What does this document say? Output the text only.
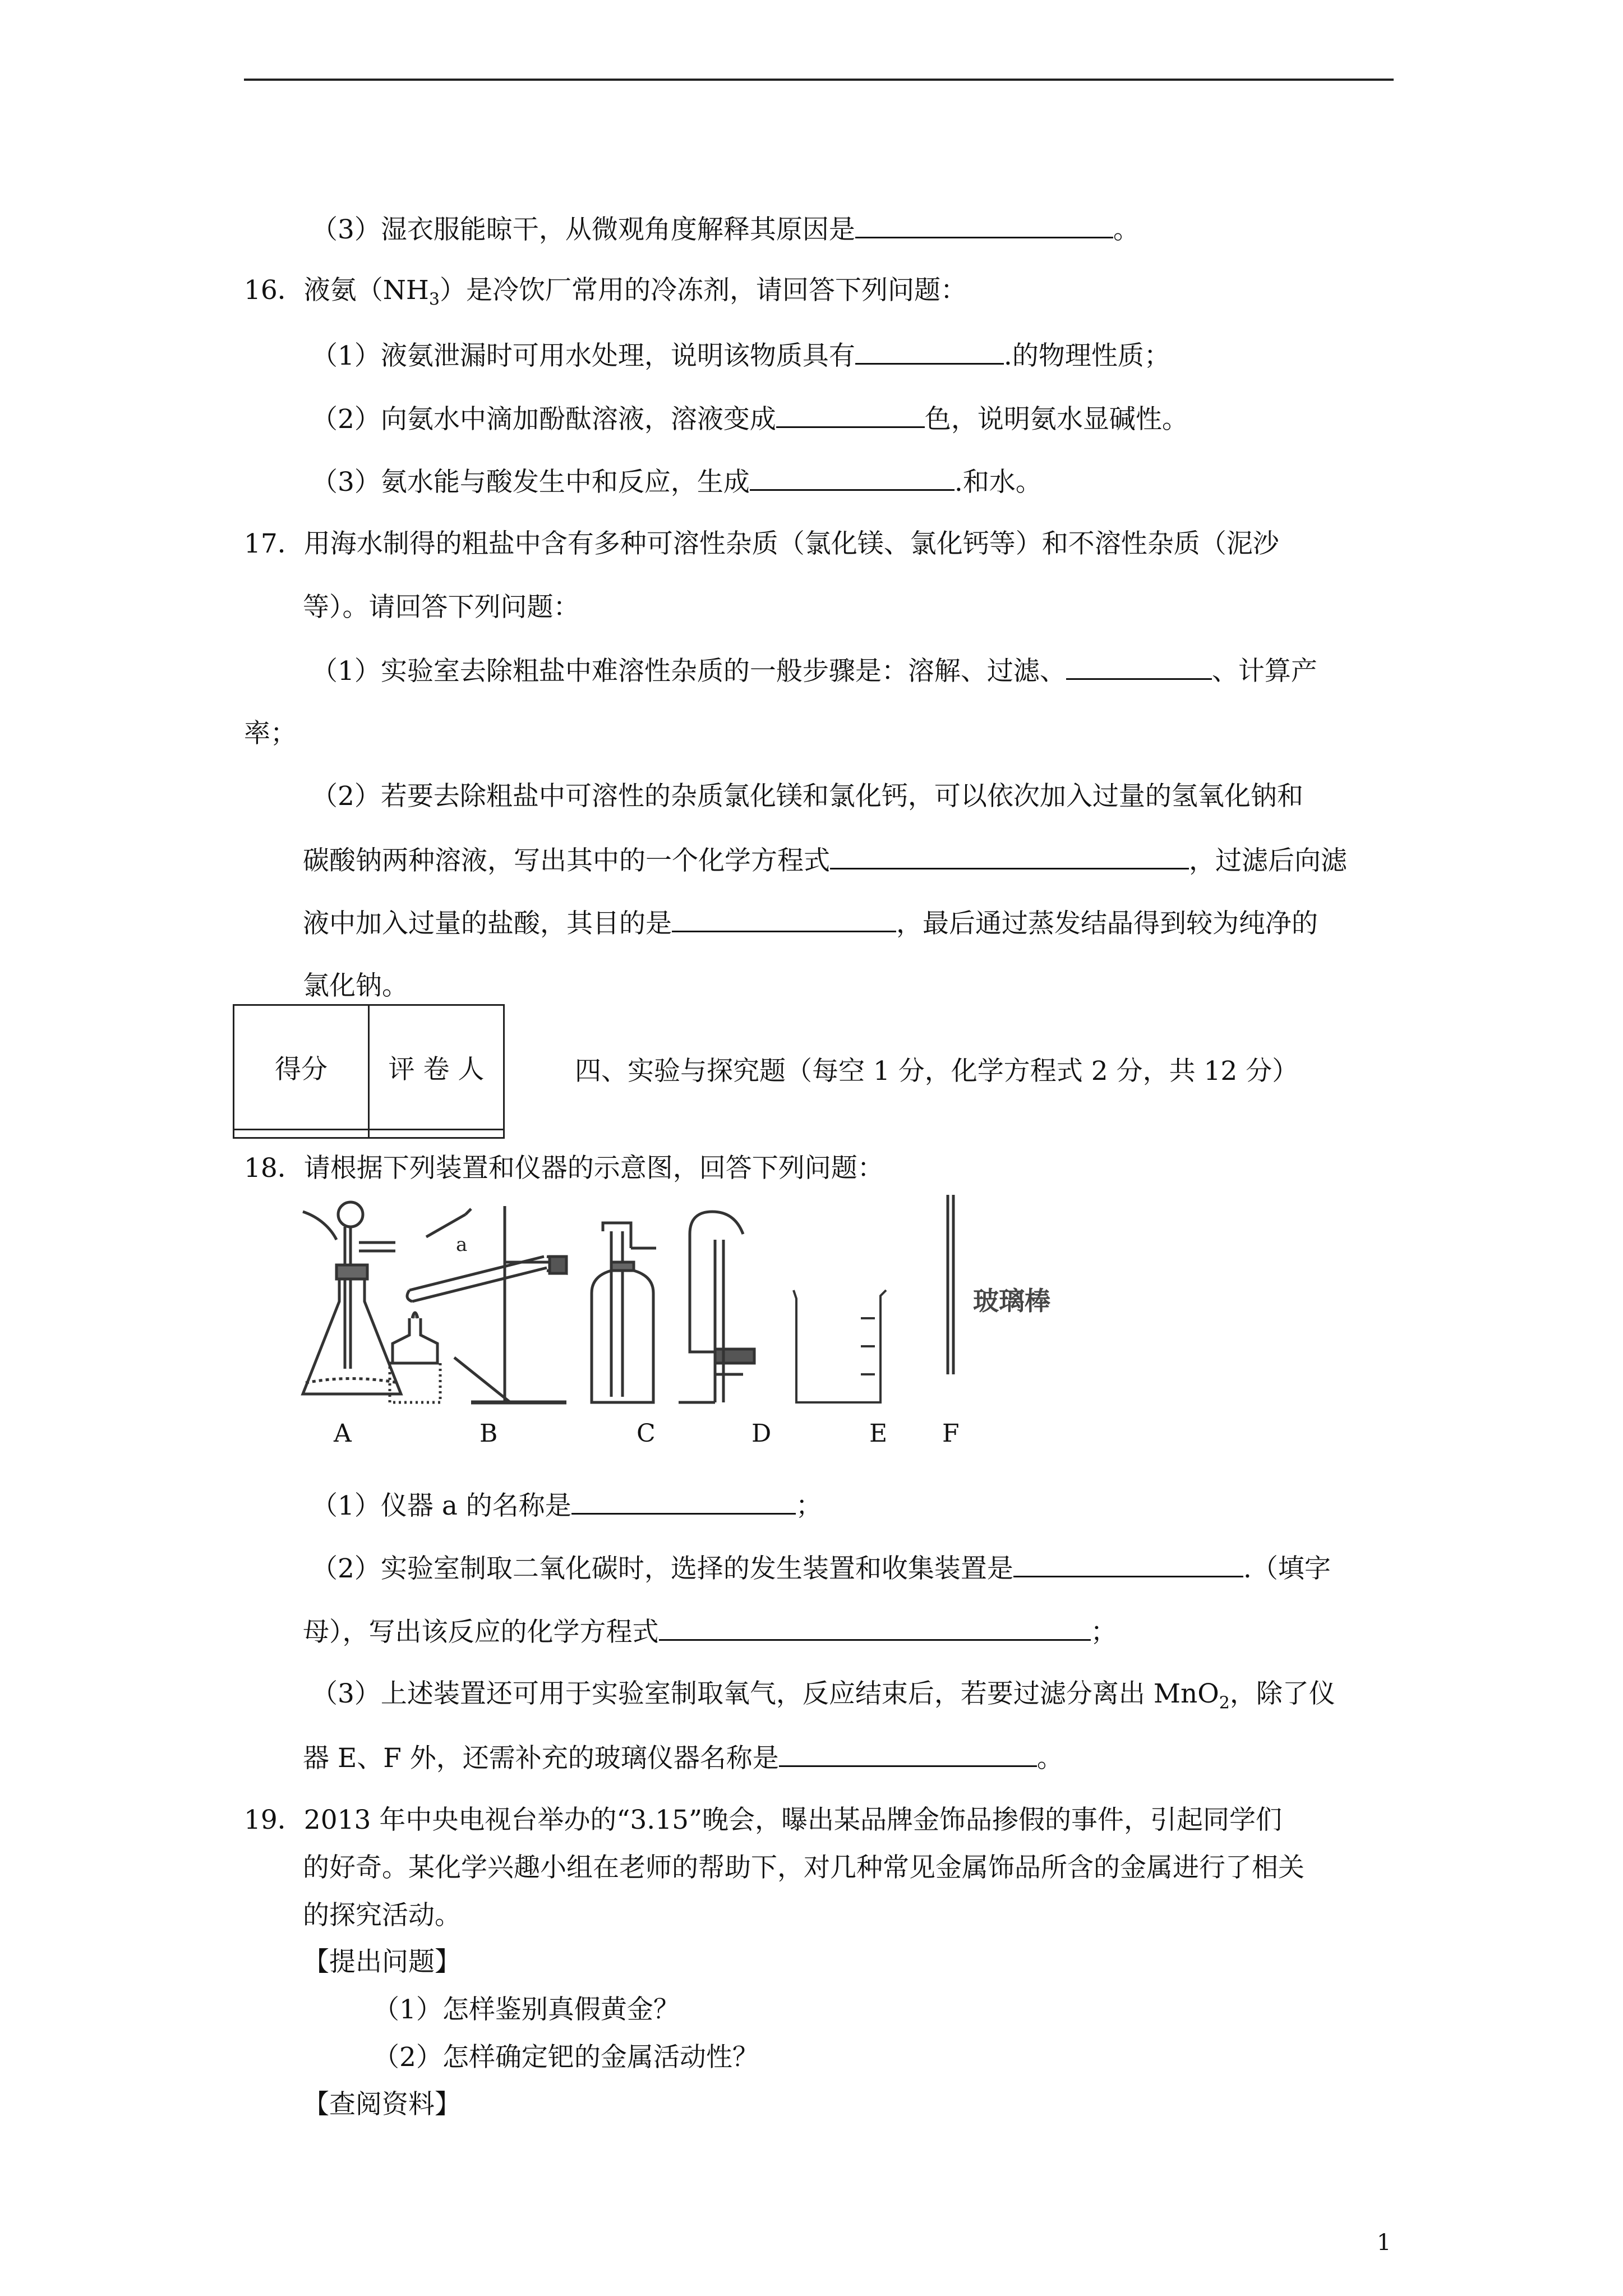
（3）湿衣服能晾干，从微观角度解释其原因是	。
16．液氨$(NH_3)$是冷饮厂常用的冷冻剂，请回答下列问题：
（1）液氨泄漏时可用水处理，说明该物质具有	.的物理性质；
（2）向氨水中滴加酚酞溶液，溶液变成	色，说明氨水显碱性。
（3）氨水能与酸发生中和反应，生成	.和水。
17．用海水制得的粗盐中含有多种可溶性杂质（氯化镁、氯化钙等）和不溶性杂质（泥沙
等）。请回答下列问题：
（1）实验室去除粗盐中难溶性杂质的一般步骤是：溶解、过滤、	、计算产
率；
（2）若要去除粗盐中可溶性的杂质氯化镁和氯化钙，可以依次加入过量的氢氧化钠和
碳酸钠两种溶液，写出其中的一个化学方程式	，过滤后向滤
液中加入过量的盐酸，其目的是	，最后通过蒸发结晶得到较为纯净的
氯化钠。
得分	评 卷 人
		四、实验与探究题（每空 1 分，化学方程式 2 分，共 12 分）
18．请根据下列装置和仪器的示意图，回答下列问题：
a
玻璃棒
A	B	C	D	E F
（1）仪器 a 的名称是	；
（2）实验室制取二氧化碳时，选择的发生装置和收集装置是	.（填字
母），写出该反应的化学方程式	；
（3）上述装置还可用于实验室制取氧气，反应结束后，若要过滤分离出 MnO$_2$，除了仪
器 E、F 外，还需补充的玻璃仪器名称是	。
19．2013 年中央电视台举办的“3.15”晚会，曝出某品牌金饰品掺假的事件，引起同学们
的好奇。某化学兴趣小组在老师的帮助下，对几种常见金属饰品所含的金属进行了相关
的探究活动。
【提出问题】
（1）怎样鉴别真假黄金？
（2）怎样确定钯的金属活动性？
【查阅资料】
1
